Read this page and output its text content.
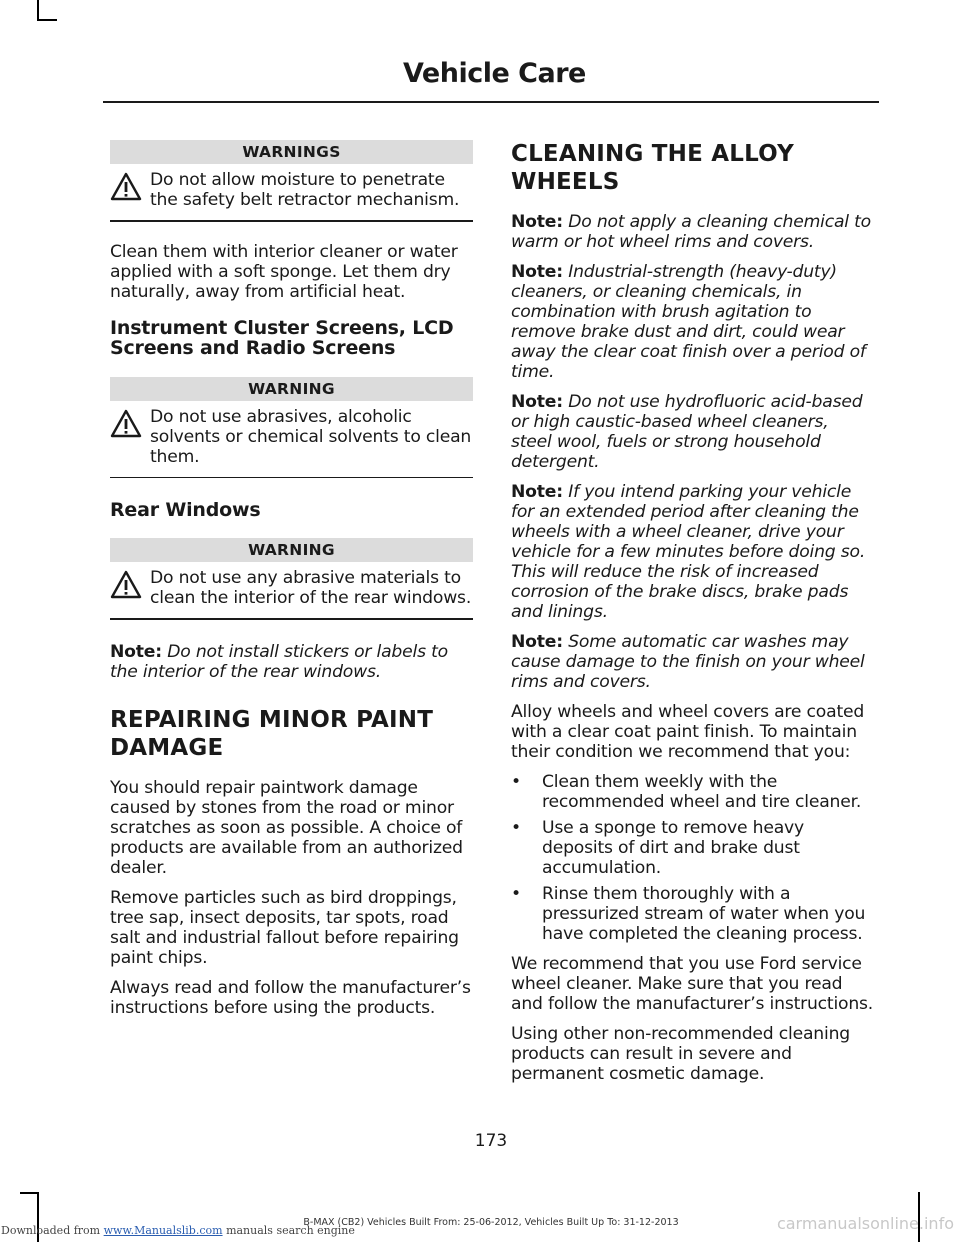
Vehicle Care
WARNINGS
Do not allow moisture to penetrate the safety belt retractor mechanism.

Clean them with interior cleaner or water applied with a soft sponge. Let them dry naturally, away from artificial heat.

Instrument Cluster Screens, LCD Screens and Radio Screens
WARNING
Do not use abrasives, alcoholic solvents or chemical solvents to clean them.
Rear Windows
WARNING
Do not use any abrasive materials to clean the interior of the rear windows.

Note: Do not install stickers or labels to the interior of the rear windows.

REPAIRING MINOR PAINT DAMAGE

You should repair paintwork damage caused by stones from the road or minor scratches as soon as possible. A choice of products are available from an authorized dealer.

Remove particles such as bird droppings, tree sap, insect deposits, tar spots, road salt and industrial fallout before repairing paint chips.

Always read and follow the manufacturer’s instructions before using the products.

CLEANING THE ALLOY WHEELS

Note: Do not apply a cleaning chemical to warm or hot wheel rims and covers.

Note: Industrial-strength (heavy-duty) cleaners, or cleaning chemicals, in combination with brush agitation to remove brake dust and dirt, could wear away the clear coat finish over a period of time.

Note: Do not use hydrofluoric acid-based or high caustic-based wheel cleaners, steel wool, fuels or strong household detergent.

Note: If you intend parking your vehicle for an extended period after cleaning the wheels with a wheel cleaner, drive your vehicle for a few minutes before doing so. This will reduce the risk of increased corrosion of the brake discs, brake pads and linings.

Note: Some automatic car washes may cause damage to the finish on your wheel rims and covers.

Alloy wheels and wheel covers are coated with a clear coat paint finish. To maintain their condition we recommend that you:

• Clean them weekly with the recommended wheel and tire cleaner.
• Use a sponge to remove heavy deposits of dirt and brake dust accumulation.
• Rinse them thoroughly with a pressurized stream of water when you have completed the cleaning process.

We recommend that you use Ford service wheel cleaner. Make sure that you read and follow the manufacturer’s instructions.

Using other non-recommended cleaning products can result in severe and permanent cosmetic damage.

173
B-MAX (CB2) Vehicles Built From: 25-06-2012, Vehicles Built Up To: 31-12-2013
Downloaded from www.Manualslib.com manuals search engine	carmanualsonline.info
